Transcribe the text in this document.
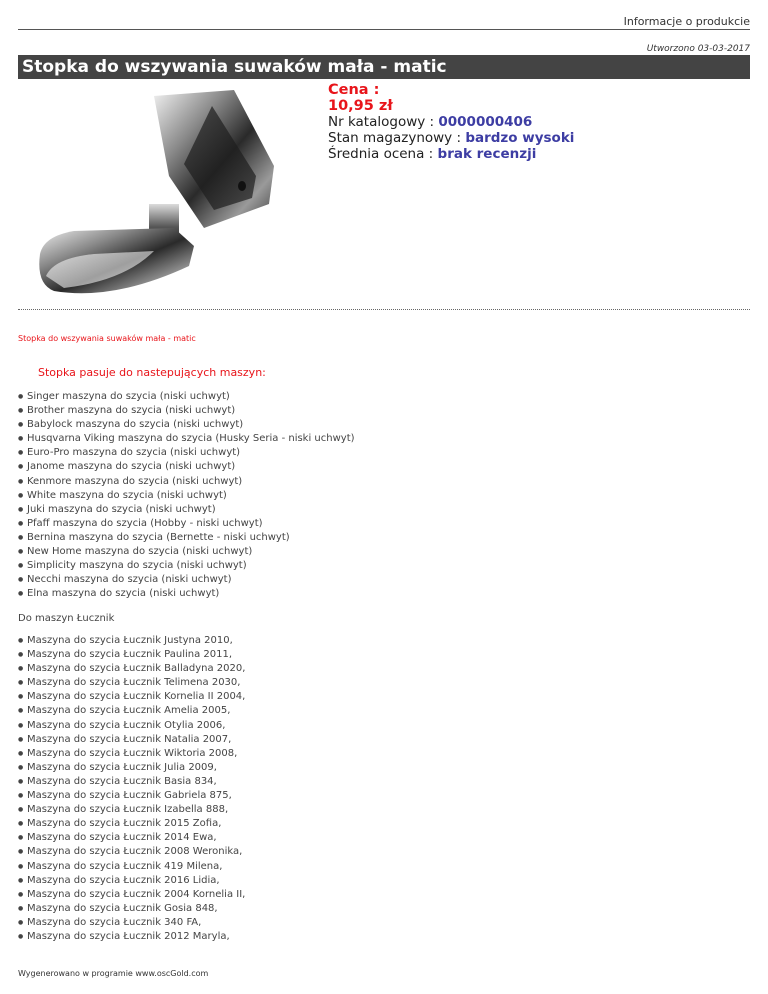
Informacje o produkcie
Utworzono 03-03-2017
Stopka do wszywania suwaków mała - matic
Cena :
10,95 zł
Nr katalogowy : 0000000406
Stan magazynowy : bardzo wysoki
Średnia ocena : brak recenzji
Stopka do wszywania suwaków mała - matic
Stopka pasuje do nastepujących maszyn:
● Singer maszyna do szycia (niski uchwyt)
● Brother maszyna do szycia (niski uchwyt)
● Babylock maszyna do szycia (niski uchwyt)
● Husqvarna Viking maszyna do szycia (Husky Seria - niski uchwyt)
● Euro-Pro maszyna do szycia (niski uchwyt)
● Janome maszyna do szycia (niski uchwyt)
● Kenmore maszyna do szycia (niski uchwyt)
● White maszyna do szycia (niski uchwyt)
● Juki maszyna do szycia (niski uchwyt)
● Pfaff maszyna do szycia (Hobby - niski uchwyt)
● Bernina maszyna do szycia (Bernette - niski uchwyt)
● New Home maszyna do szycia (niski uchwyt)
● Simplicity maszyna do szycia (niski uchwyt)
● Necchi maszyna do szycia (niski uchwyt)
● Elna maszyna do szycia (niski uchwyt)
Do maszyn Łucznik
● Maszyna do szycia Łucznik Justyna 2010,
● Maszyna do szycia Łucznik Paulina 2011,
● Maszyna do szycia Łucznik Balladyna 2020,
● Maszyna do szycia Łucznik Telimena 2030,
● Maszyna do szycia Łucznik Kornelia II 2004,
● Maszyna do szycia Łucznik Amelia 2005,
● Maszyna do szycia Łucznik Otylia 2006,
● Maszyna do szycia Łucznik Natalia 2007,
● Maszyna do szycia Łucznik Wiktoria 2008,
● Maszyna do szycia Łucznik Julia 2009,
● Maszyna do szycia Łucznik Basia 834,
● Maszyna do szycia Łucznik Gabriela 875,
● Maszyna do szycia Łucznik Izabella 888,
● Maszyna do szycia Łucznik 2015 Zofia,
● Maszyna do szycia Łucznik 2014 Ewa,
● Maszyna do szycia Łucznik 2008 Weronika,
● Maszyna do szycia Łucznik 419 Milena,
● Maszyna do szycia Łucznik 2016 Lidia,
● Maszyna do szycia Łucznik 2004 Kornelia II,
● Maszyna do szycia Łucznik Gosia 848,
● Maszyna do szycia Łucznik 340 FA,
● Maszyna do szycia Łucznik 2012 Maryla,
Wygenerowano w programie www.oscGold.com
